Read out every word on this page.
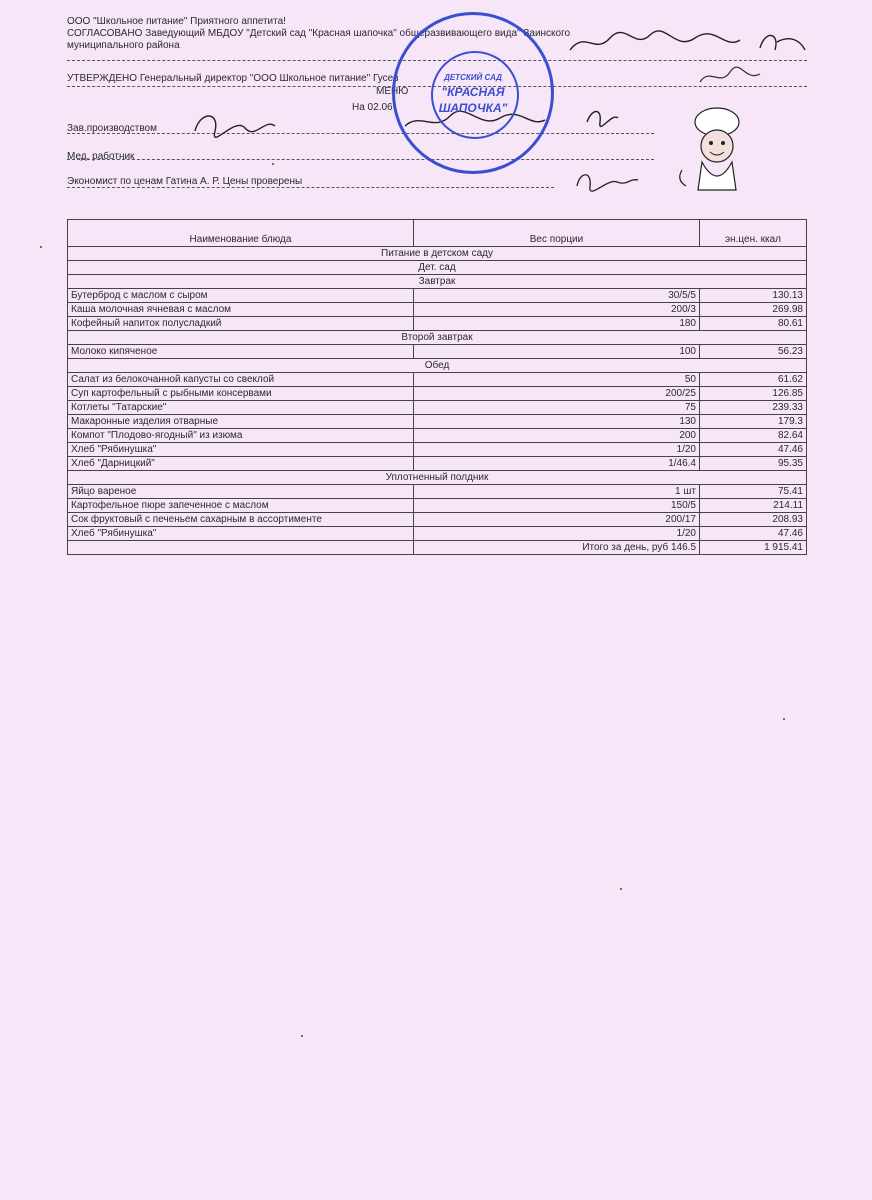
ООО "Школьное питание" Приятного аппетита!
СОГЛАСОВАНО Заведующий МБДОУ "Детский сад "Красная шапочка" общеразвивающего вида" Заинского
муниципального района
УТВЕРЖДЕНО Генеральный директор "ООО Школьное питание" Гусев
МЕНЮ
На 02.06
Зав.производством
Мед. работник
Экономист по ценам Гатина А. Р. Цены проверены
ДЕТСКИЙ САД
"КРАСНАЯ
ШАПОЧКА"
Наименование блюда	Вес порции	эн.цен. ккал
Питание в детском саду		
Дет. сад		
Завтрак		
Бутерброд с маслом с сыром	30/5/5	130.13
Каша молочная ячневая с маслом	200/3	269.98
Кофейный напиток полусладкий	180	80.61
Второй завтрак		
Молоко кипяченое	100	56.23
Обед		
Салат из белокочанной капусты со свеклой	50	61.62
Суп картофельный с рыбными консервами	200/25	126.85
Котлеты "Татарские"	75	239.33
Макаронные изделия отварные	130	179.3
Компот "Плодово-ягодный" из изюма	200	82.64
Хлеб "Рябинушка"	1/20	47.46
Хлеб "Дарницкий"	1/46.4	95.35
Уплотненный полдник		
Яйцо вареное	1 шт	75.41
Картофельное пюре запеченное с маслом	150/5	214.11
Сок фруктовый с печеньем сахарным в ассортименте	200/17	208.93
Хлеб "Рябинушка"	1/20	47.46
	Итого за день, руб 146.5	1 915.41
